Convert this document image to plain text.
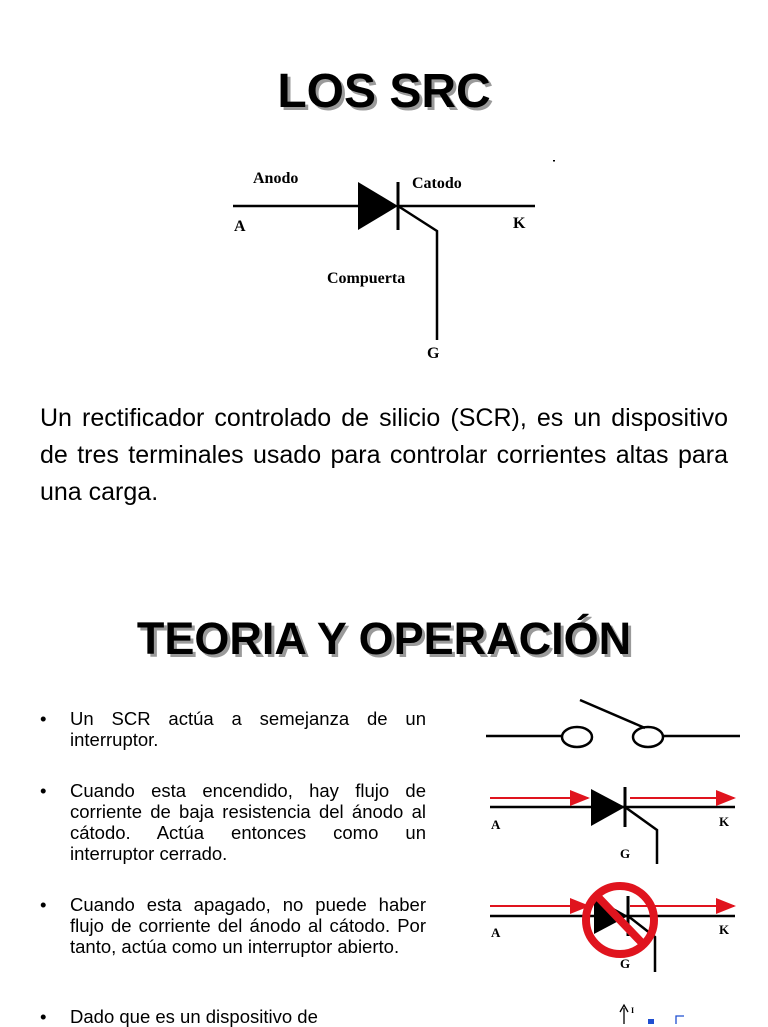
LOS SRC
Anodo	Catodo
Compuerta
A	K
G

Un rectificador controlado de silicio (SCR), es un dispositivo de tres terminales usado para controlar corrientes altas para una carga.

TEORIA Y OPERACIÓN
• Un SCR actúa a semejanza de un interruptor.
• Cuando esta encendido, hay flujo de corriente de baja resistencia del ánodo al cátodo. Actúa entonces como un interruptor cerrado.
• Cuando esta apagado, no puede haber flujo de corriente del ánodo al cátodo. Por tanto, actúa como un interruptor abierto.
• Dado que es un dispositivo de
A	K
G
A	K
G
I
